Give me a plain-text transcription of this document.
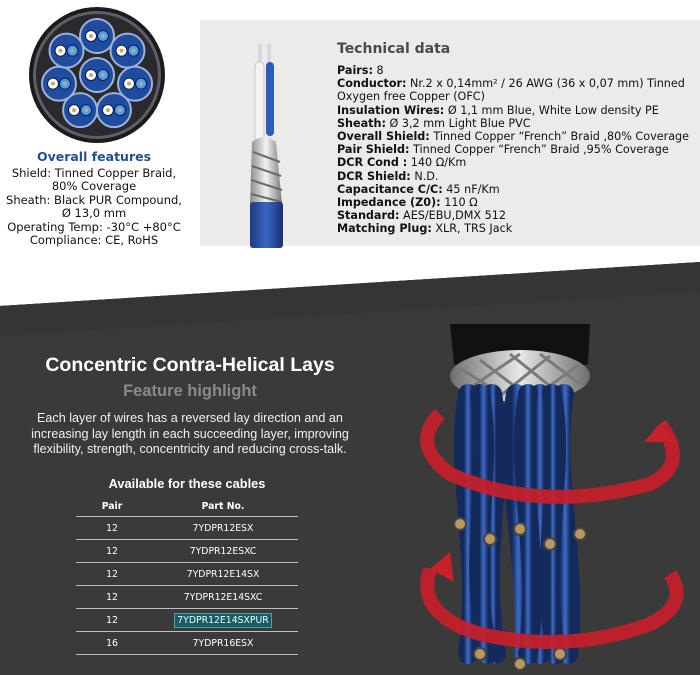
Overall features
Shield: Tinned Copper Braid,
80% Coverage
Sheath: Black PUR Compound,
Ø 13,0 mm
Operating Temp: -30°C +80°C
Compliance: CE, RoHS
Technical data
Pairs: 8
Conductor: Nr.2 x 0,14mm² / 26 AWG (36 x 0,07 mm) Tinned Oxygen free Copper (OFC)
Insulation Wires: Ø 1,1 mm Blue, White Low density PE
Sheath: Ø 3,2 mm Light Blue PVC
Overall Shield: Tinned Copper “French” Braid ,80% Coverage
Pair Shield: Tinned Copper “French” Braid ,95% Coverage
DCR Cond : 140 Ω/Km
DCR Shield: N.D.
Capacitance C/C: 45 nF/Km
Impedance (Z0): 110 Ω
Standard: AES/EBU,DMX 512
Matching Plug: XLR, TRS Jack
Concentric Contra-Helical Lays
Feature highlight
Each layer of wires has a reversed lay direction and an increasing lay length in each succeeding layer, improving flexibility, strength, concentricity and reducing cross-talk.
Available for these cables
Pair	Part No.
12	7YDPR12ESX
12	7YDPR12ESXC
12	7YDPR12E14SX
12	7YDPR12E14SXC
12	7YDPR12E14SXPUR
16	7YDPR16ESX
